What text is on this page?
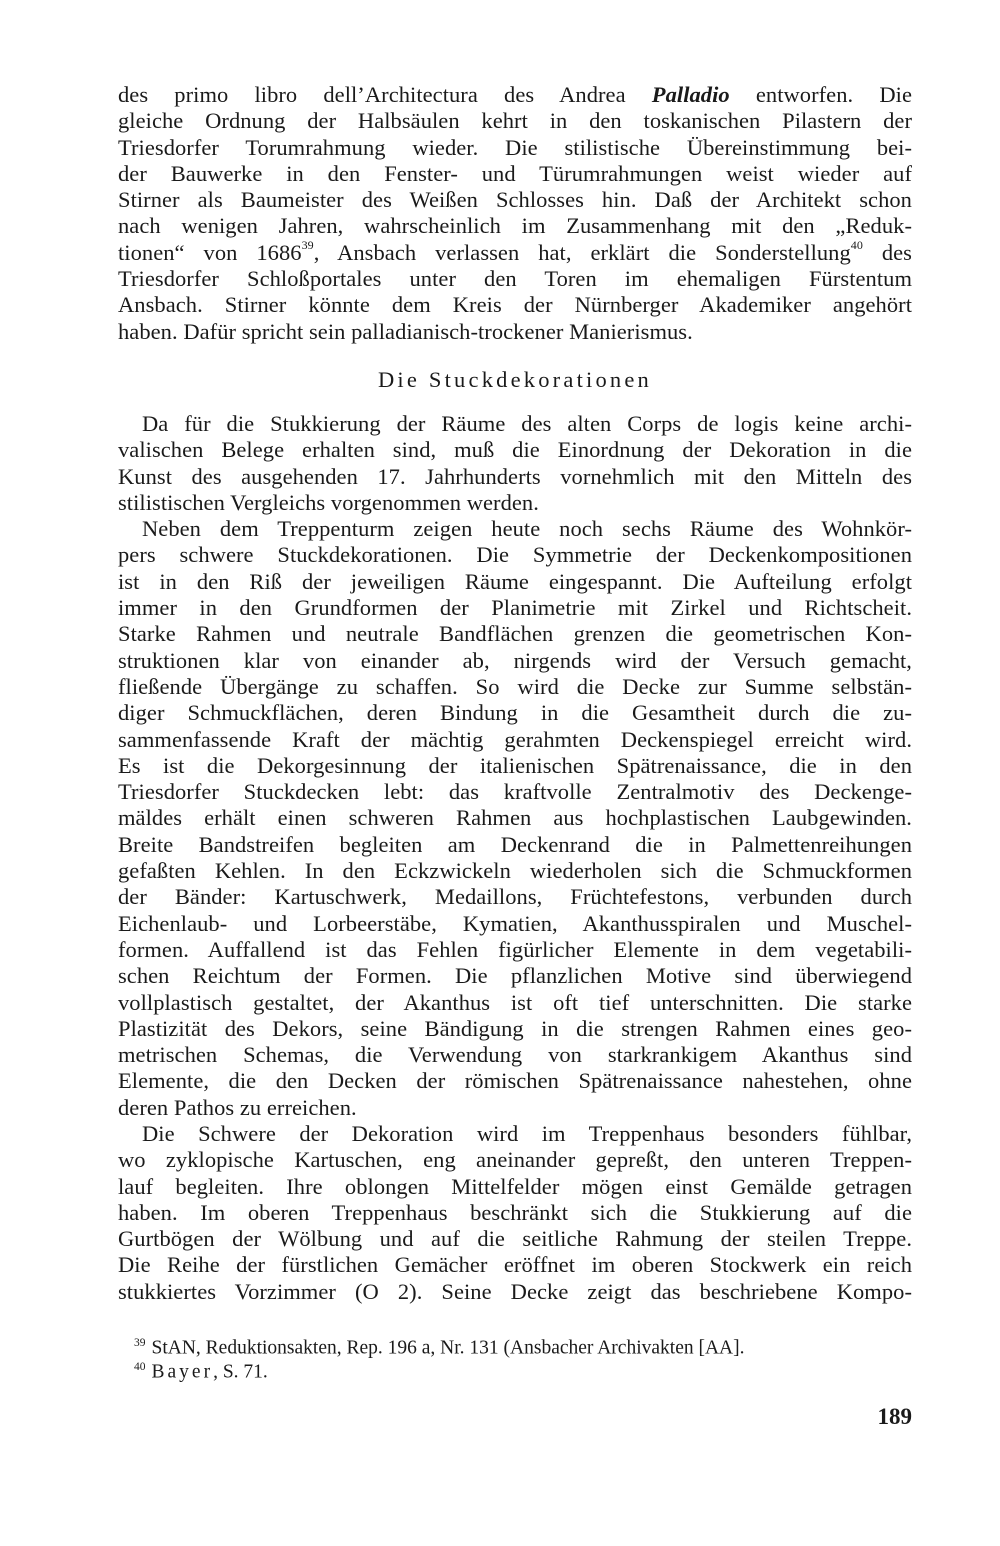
des primo libro dell’Architectura des Andrea Palladio entworfen. Die
gleiche Ordnung der Halbsäulen kehrt in den toskanischen Pilastern der
Triesdorfer Torumrahmung wieder. Die stilistische Übereinstimmung bei-
der Bauwerke in den Fenster- und Türumrahmungen weist wieder auf
Stirner als Baumeister des Weißen Schlosses hin. Daß der Architekt schon
nach wenigen Jahren, wahrscheinlich im Zusammenhang mit den „Reduk-
tionen“ von 1686$^{39}$, Ansbach verlassen hat, erklärt die Sonderstellung$^{40}$ des
Triesdorfer Schloßportales unter den Toren im ehemaligen Fürstentum
Ansbach. Stirner könnte dem Kreis der Nürnberger Akademiker angehört
haben. Dafür spricht sein palladianisch-trockener Manierismus.
Die Stuckdekorationen
Da für die Stukkierung der Räume des alten Corps de logis keine archi-
valischen Belege erhalten sind, muß die Einordnung der Dekoration in die
Kunst des ausgehenden 17. Jahrhunderts vornehmlich mit den Mitteln des
stilistischen Vergleichs vorgenommen werden.
Neben dem Treppenturm zeigen heute noch sechs Räume des Wohnkör-
pers schwere Stuckdekorationen. Die Symmetrie der Deckenkompositionen
ist in den Riß der jeweiligen Räume eingespannt. Die Aufteilung erfolgt
immer in den Grundformen der Planimetrie mit Zirkel und Richtscheit.
Starke Rahmen und neutrale Bandflächen grenzen die geometrischen Kon-
struktionen klar von einander ab, nirgends wird der Versuch gemacht,
fließende Übergänge zu schaffen. So wird die Decke zur Summe selbstän-
diger Schmuckflächen, deren Bindung in die Gesamtheit durch die zu-
sammenfassende Kraft der mächtig gerahmten Deckenspiegel erreicht wird.
Es ist die Dekorgesinnung der italienischen Spätrenaissance, die in den
Triesdorfer Stuckdecken lebt: das kraftvolle Zentralmotiv des Deckenge-
mäldes erhält einen schweren Rahmen aus hochplastischen Laubgewinden.
Breite Bandstreifen begleiten am Deckenrand die in Palmettenreihungen
gefaßten Kehlen. In den Eckzwickeln wiederholen sich die Schmuckformen
der Bänder: Kartuschwerk, Medaillons, Früchtefestons, verbunden durch
Eichenlaub- und Lorbeerstäbe, Kymatien, Akanthusspiralen und Muschel-
formen. Auffallend ist das Fehlen figürlicher Elemente in dem vegetabili-
schen Reichtum der Formen. Die pflanzlichen Motive sind überwiegend
vollplastisch gestaltet, der Akanthus ist oft tief unterschnitten. Die starke
Plastizität des Dekors, seine Bändigung in die strengen Rahmen eines geo-
metrischen Schemas, die Verwendung von starkrankigem Akanthus sind
Elemente, die den Decken der römischen Spätrenaissance nahestehen, ohne
deren Pathos zu erreichen.
Die Schwere der Dekoration wird im Treppenhaus besonders fühlbar,
wo zyklopische Kartuschen, eng aneinander gepreßt, den unteren Treppen-
lauf begleiten. Ihre oblongen Mittelfelder mögen einst Gemälde getragen
haben. Im oberen Treppenhaus beschränkt sich die Stukkierung auf die
Gurtbögen der Wölbung und auf die seitliche Rahmung der steilen Treppe.
Die Reihe der fürstlichen Gemächer eröffnet im oberen Stockwerk ein reich
stukkiertes Vorzimmer (O 2). Seine Decke zeigt das beschriebene Kompo-
$^{39}$ StAN, Reduktionsakten, Rep. 196 a, Nr. 131 (Ansbacher Archivakten [AA].
$^{40}$ Bayer, S. 71.
189
